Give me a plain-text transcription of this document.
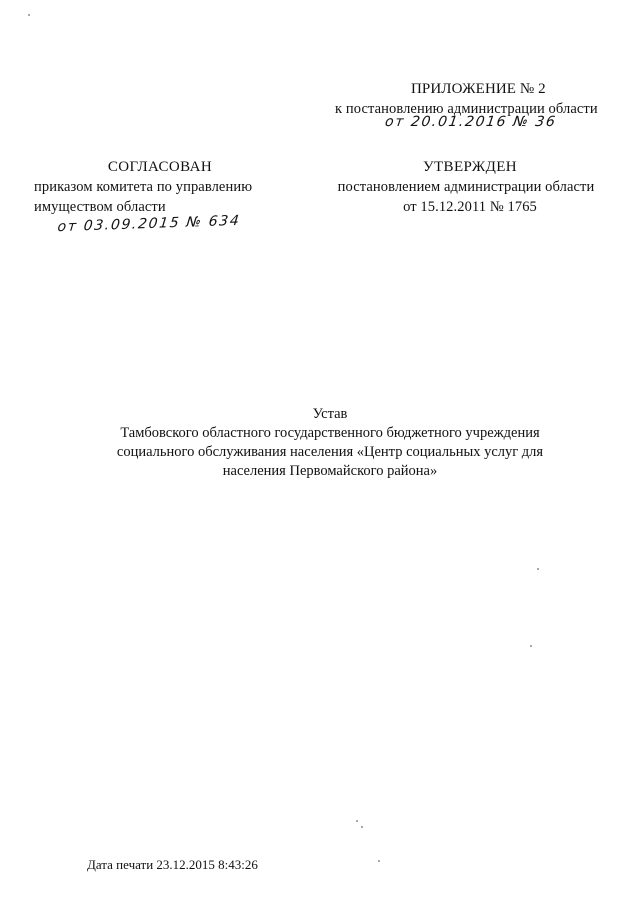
ПРИЛОЖЕНИЕ № 2
к постановлению администрации области
от 20.01.2016 № 36
СОГЛАСОВАН
приказом комитета по управлению
имуществом области
от 03.09.2015 № 634
УТВЕРЖДЕН
постановлением администрации области
от 15.12.2011 № 1765
Устав
Тамбовского областного государственного бюджетного учреждения
социального обслуживания населения «Центр социальных услуг для
населения Первомайского района»
Дата печати 23.12.2015 8:43:26
